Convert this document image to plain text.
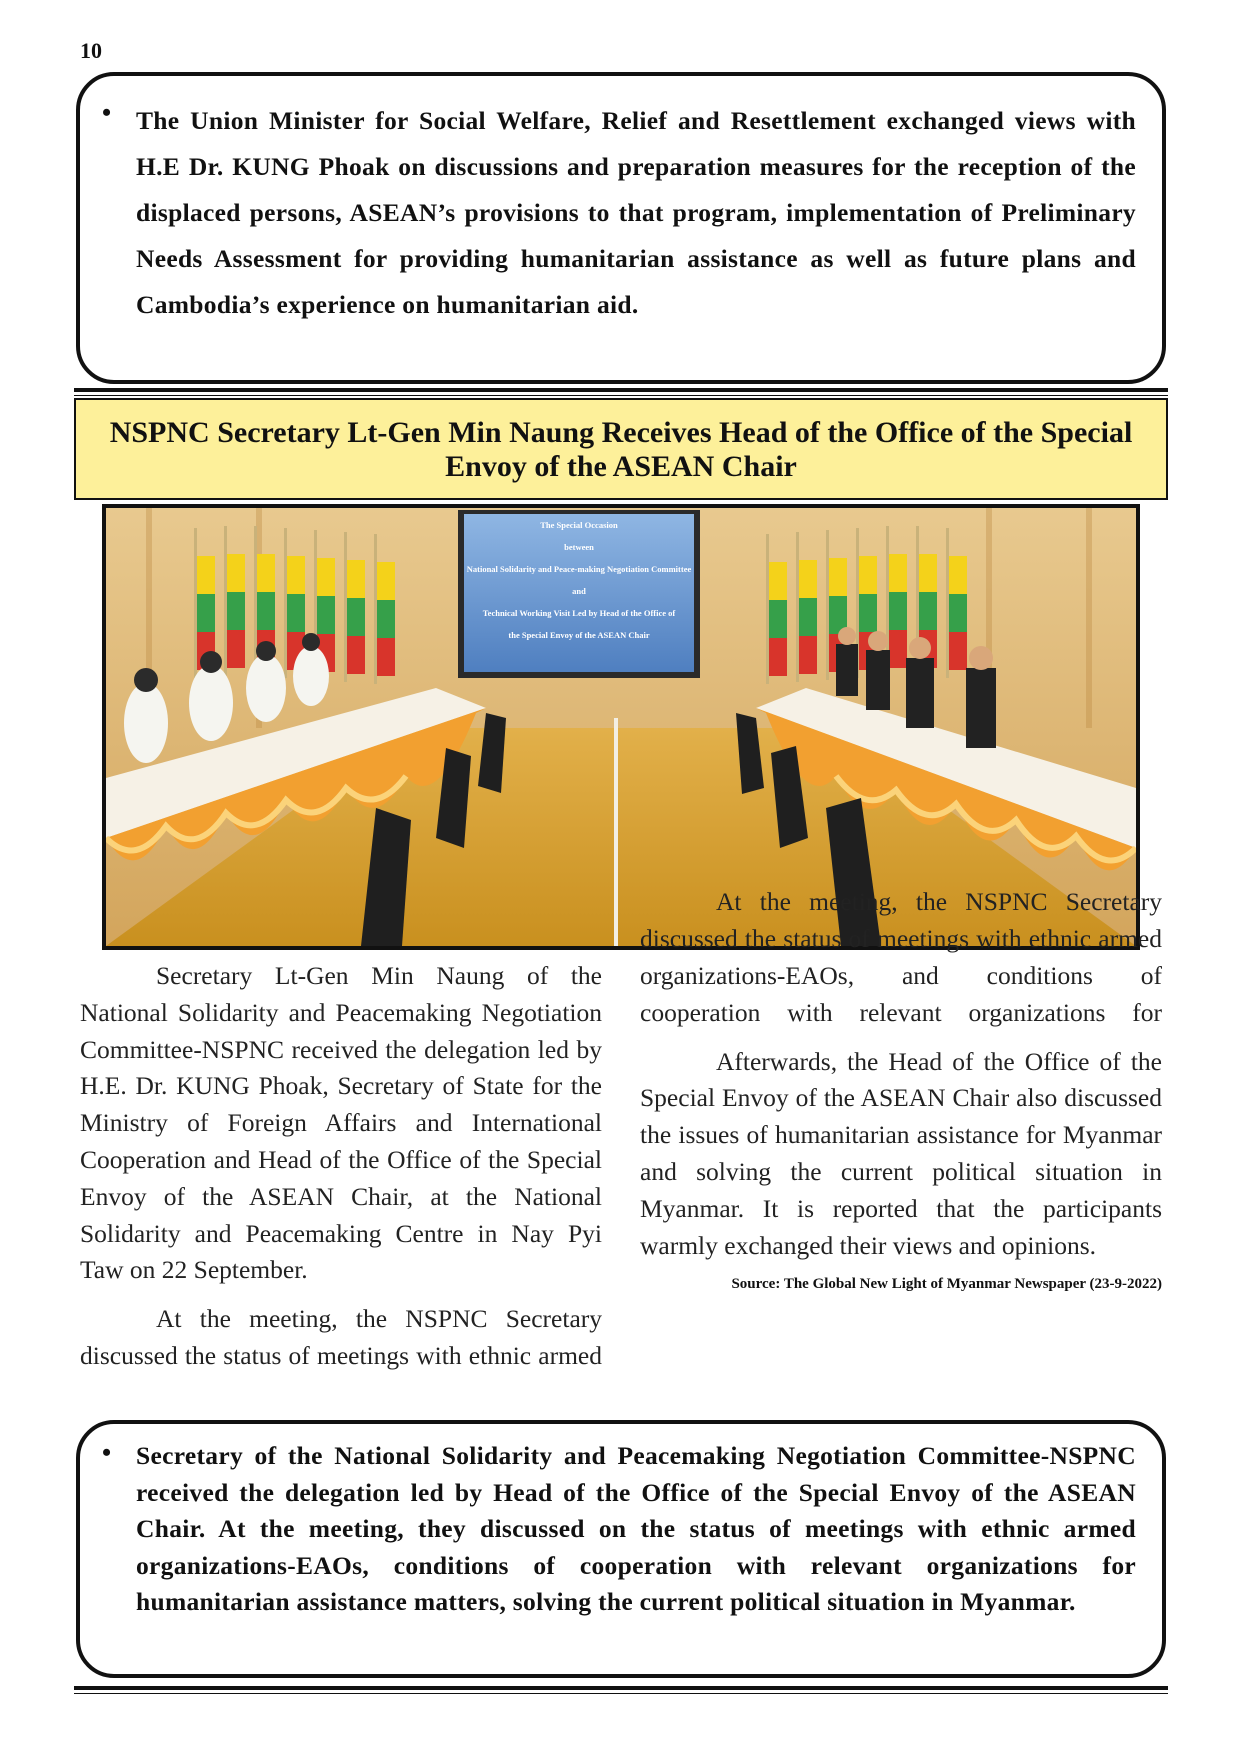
10
• The Union Minister for Social Welfare, Relief and Resettlement exchanged views with H.E Dr. KUNG Phoak on discussions and preparation measures for the reception of the displaced persons, ASEAN’s provisions to that program, implementation of Preliminary Needs Assessment for providing humanitarian assistance as well as future plans and Cambodia’s experience on humanitarian aid.

NSPNC Secretary Lt-Gen Min Naung Receives Head of the Office of the Special Envoy of the ASEAN Chair

The Special Occasion
between
National Solidarity and Peace-making Negotiation Committee
and
Technical Working Visit Led by Head of the Office of
the Special Envoy of the ASEAN Chair

Secretary Lt-Gen Min Naung of the National Solidarity and Peacemaking Negotiation Committee-NSPNC received the delegation led by H.E. Dr. KUNG Phoak, Secretary of State for the Ministry of Foreign Affairs and International Cooperation and Head of the Office of the Special Envoy of the ASEAN Chair, at the National Solidarity and Peacemaking Centre in Nay Pyi Taw on 22 September.

At the meeting, the NSPNC Secretary discussed the status of meetings with ethnic armed

At the meeting, the NSPNC Secretary discussed the status of meetings with ethnic armed organizations-EAOs, and conditions of cooperation with relevant organizations for

Afterwards, the Head of the Office of the Special Envoy of the ASEAN Chair also discussed the issues of humanitarian assistance for Myanmar and solving the current political situation in Myanmar. It is reported that the participants warmly exchanged their views and opinions.

Source: The Global New Light of Myanmar Newspaper (23-9-2022)

• Secretary of the National Solidarity and Peacemaking Negotiation Committee-NSPNC received the delegation led by Head of the Office of the Special Envoy of the ASEAN Chair. At the meeting, they discussed on the status of meetings with ethnic armed organizations-EAOs, conditions of cooperation with relevant organizations for humanitarian assistance matters, solving the current political situation in Myanmar.
